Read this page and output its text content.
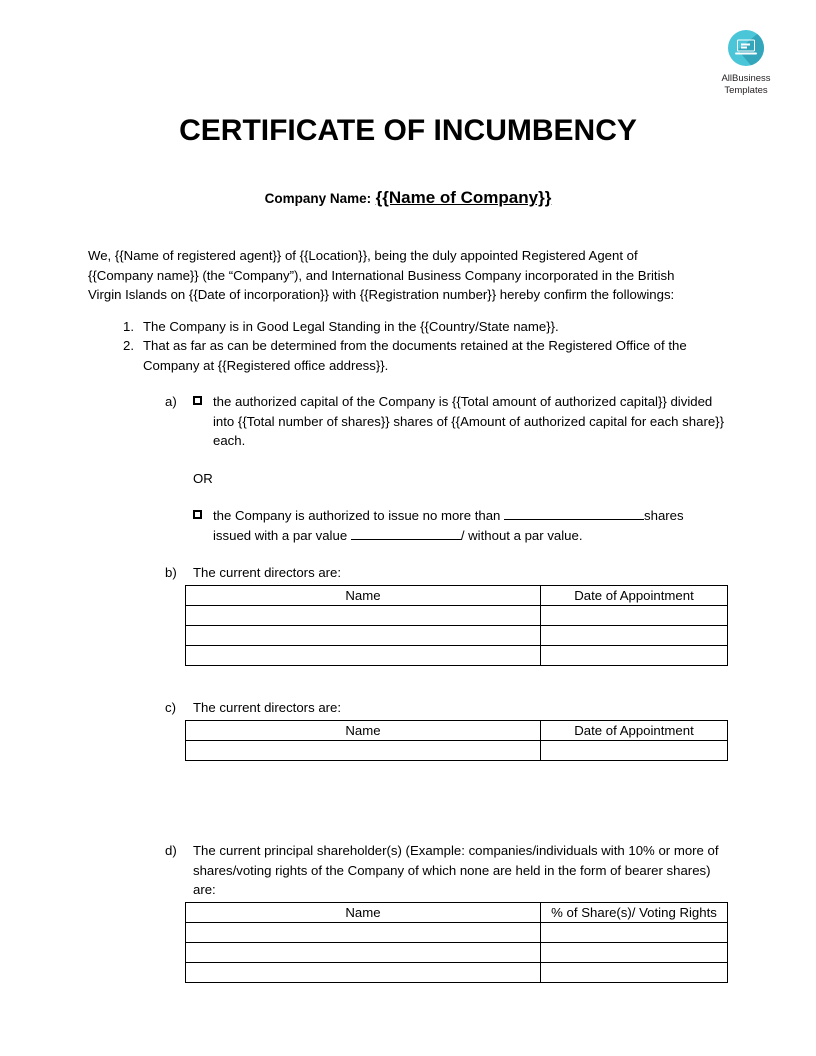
AllBusiness
Templates
CERTIFICATE OF INCUMBENCY
Company Name: {{Name of Company}}

We, {{Name of registered agent}} of {{Location}}, being the duly appointed Registered Agent of {{Company name}} (the “Company”), and International Business Company incorporated in the British Virgin Islands on {{Date of incorporation}} with {{Registration number}} hereby confirm the followings:

1. The Company is in Good Legal Standing in the {{Country/State name}}.
2. That as far as can be determined from the documents retained at the Registered Office of the Company at {{Registered office address}}.
a)	the authorized capital of the Company is {{Total amount of authorized capital}} divided into {{Total number of shares}} shares of {{Amount of authorized capital for each share}} each.
OR
the Company is authorized to issue no more than	shares
issued with a par value	/ without a par value.
b)	The current directors are:
Name	Date of Appointment

c)	The current directors are:
Name	Date of Appointment

d)	The current principal shareholder(s) (Example: companies/individuals with 10% or more of shares/voting rights of the Company of which none are held in the form of bearer shares) are:
Name	% of Share(s)/ Voting Rights
